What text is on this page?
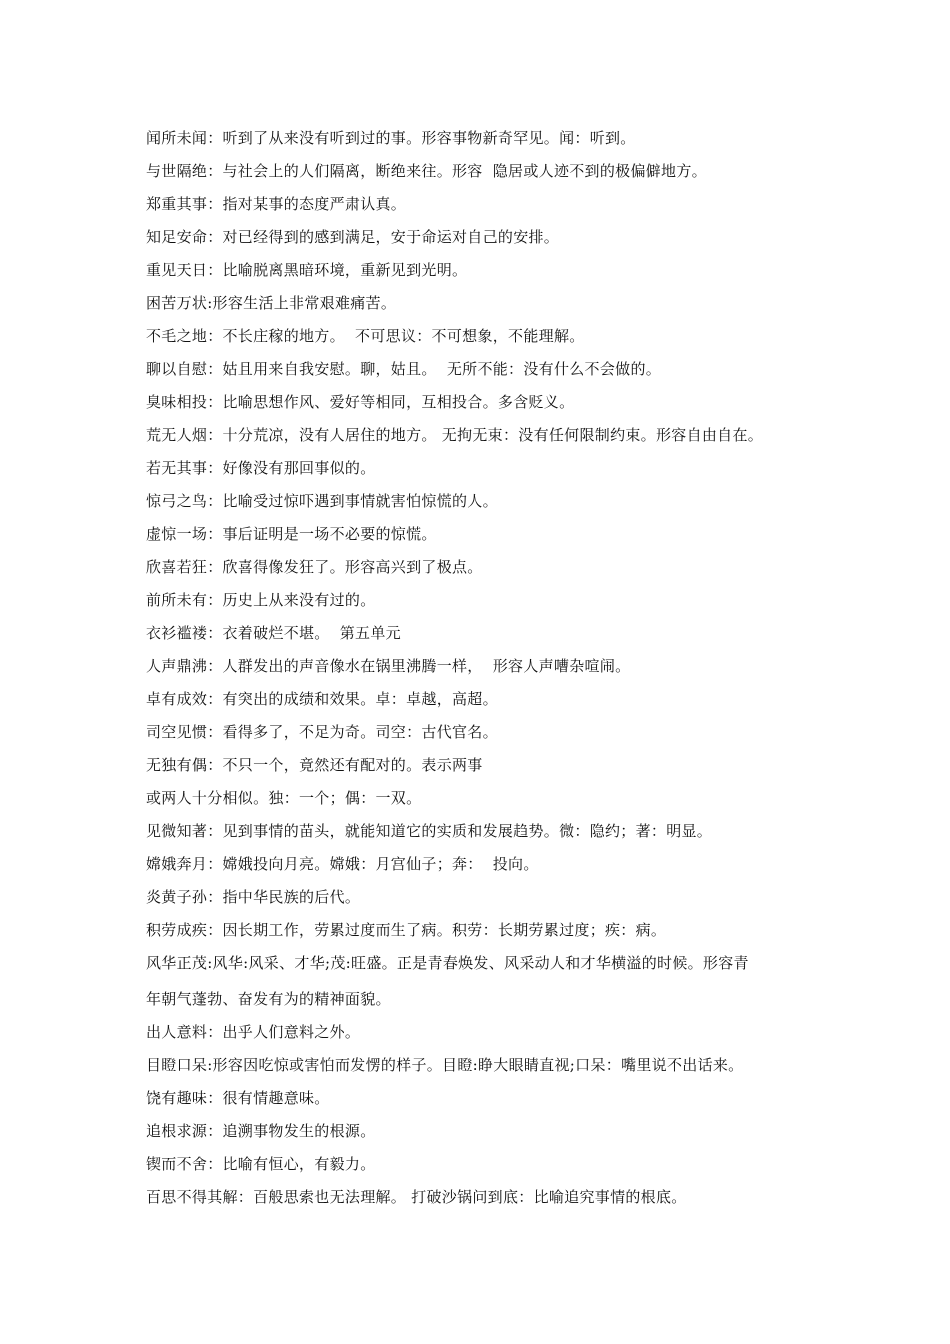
闻所未闻：听到了从来没有听到过的事。形容事物新奇罕见。闻：听到。
与世隔绝：与社会上的人们隔离，断绝来往。形容  隐居或人迹不到的极偏僻地方。
郑重其事：指对某事的态度严肃认真。
知足安命：对已经得到的感到满足，安于命运对自己的安排。
重见天日：比喻脱离黑暗环境，重新见到光明。
困苦万状:形容生活上非常艰难痛苦。
不毛之地：不长庄稼的地方。  不可思议：不可想象，不能理解。
聊以自慰：姑且用来自我安慰。聊，姑且。  无所不能：没有什么不会做的。
臭味相投：比喻思想作风、爱好等相同，互相投合。多含贬义。
荒无人烟：十分荒凉，没有人居住的地方。 无拘无束：没有任何限制约束。形容自由自在。
若无其事：好像没有那回事似的。
惊弓之鸟：比喻受过惊吓遇到事情就害怕惊慌的人。
虚惊一场：事后证明是一场不必要的惊慌。
欣喜若狂：欣喜得像发狂了。形容高兴到了极点。
前所未有：历史上从来没有过的。
衣衫褴褛：衣着破烂不堪。  第五单元
人声鼎沸：人群发出的声音像水在锅里沸腾一样，  形容人声嘈杂喧闹。
卓有成效：有突出的成绩和效果。卓：卓越，高超。
司空见惯：看得多了，不足为奇。司空：古代官名。
无独有偶：不只一个，竟然还有配对的。表示两事
或两人十分相似。独：一个；偶：一双。
见微知著：见到事情的苗头，就能知道它的实质和发展趋势。微：隐约；著：明显。
嫦娥奔月：嫦娥投向月亮。嫦娥：月宫仙子；奔：  投向。
炎黄子孙：指中华民族的后代。
积劳成疾：因长期工作，劳累过度而生了病。积劳：长期劳累过度；疾：病。
风华正茂:风华:风采、才华;茂:旺盛。正是青春焕发、风采动人和才华横溢的时候。形容青
年朝气蓬勃、奋发有为的精神面貌。
出人意料：出乎人们意料之外。
目瞪口呆:形容因吃惊或害怕而发愣的样子。目瞪:睁大眼睛直视;口呆：嘴里说不出话来。
饶有趣味：很有情趣意味。
追根求源：追溯事物发生的根源。
锲而不舍：比喻有恒心，有毅力。
百思不得其解：百般思索也无法理解。 打破沙锅问到底：比喻追究事情的根底。
